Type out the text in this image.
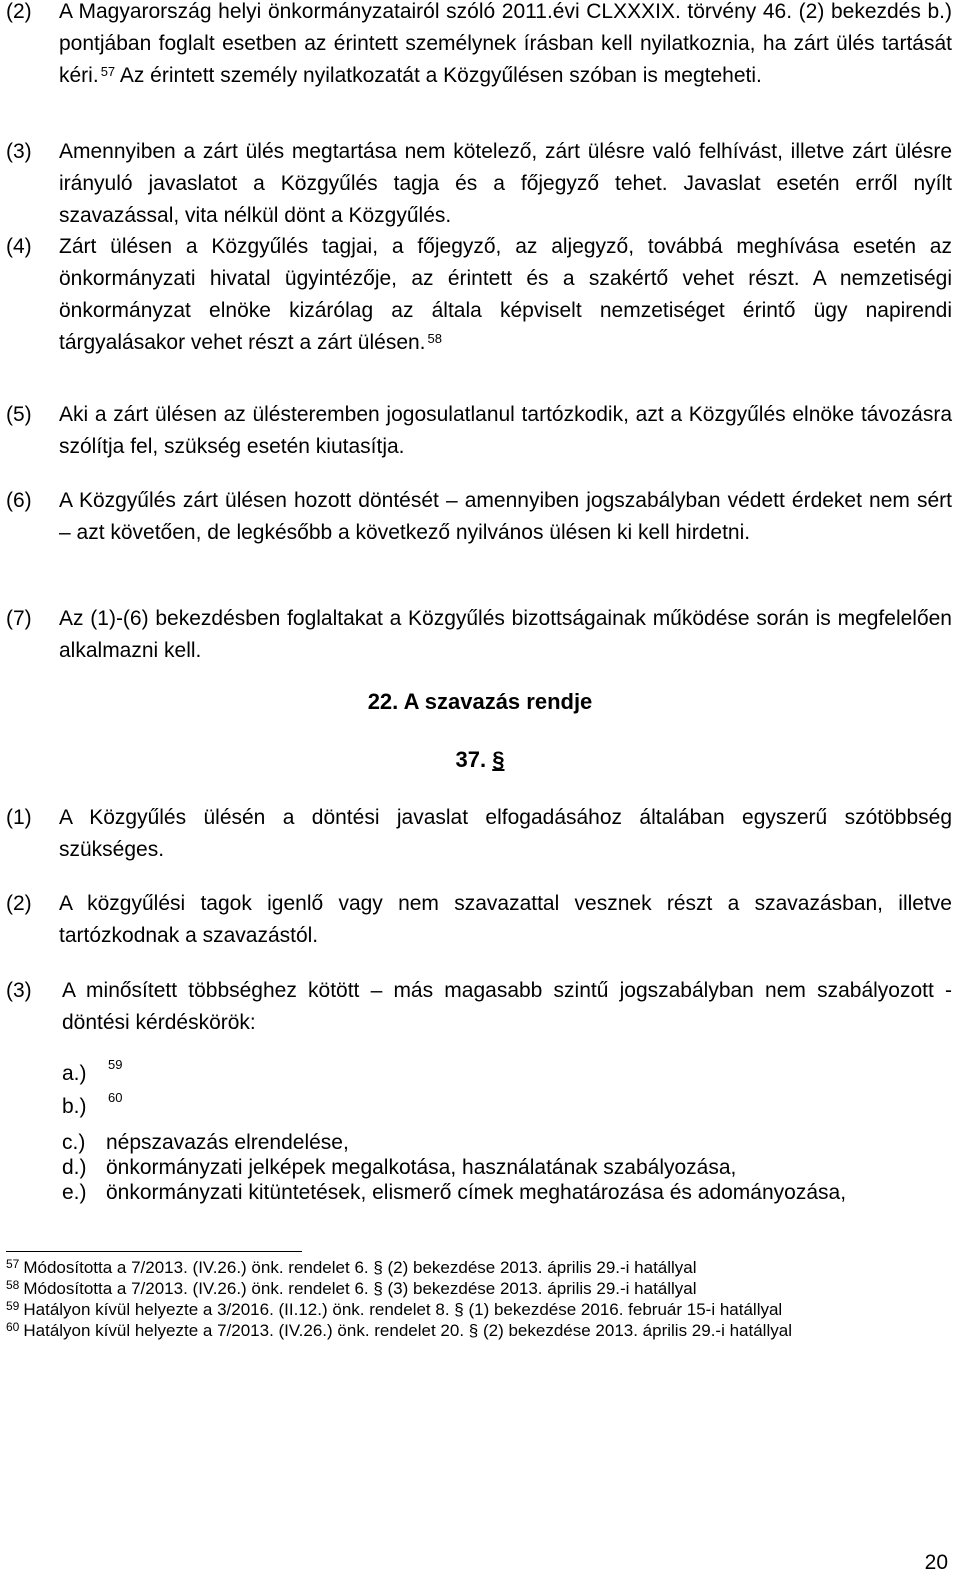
(2) A Magyarország helyi önkormányzatairól szóló 2011.évi CLXXXIX. törvény 46. (2) bekezdés b.) pontjában foglalt esetben az érintett személynek írásban kell nyilatkoznia, ha zárt ülés tartását kéri. $^{57}$ Az érintett személy nyilatkozatát a Közgyűlésen szóban is megteheti.
(3) Amennyiben a zárt ülés megtartása nem kötelező, zárt ülésre való felhívást, illetve zárt ülésre irányuló javaslatot a Közgyűlés tagja és a főjegyző tehet. Javaslat esetén erről nyílt szavazással, vita nélkül dönt a Közgyűlés.
(4) Zárt ülésen a Közgyűlés tagjai, a főjegyző, az aljegyző, továbbá meghívása esetén az önkormányzati hivatal ügyintézője, az érintett és a szakértő vehet részt. A nemzetiségi önkormányzat elnöke kizárólag az általa képviselt nemzetiséget érintő ügy napirendi tárgyalásakor vehet részt a zárt ülésen. $^{58}$
(5) Aki a zárt ülésen az ülésteremben jogosulatlanul tartózkodik, azt a Közgyűlés elnöke távozásra szólítja fel, szükség esetén kiutasítja.
(6) A Közgyűlés zárt ülésen hozott döntését – amennyiben jogszabályban védett érdeket nem sért – azt követően, de legkésőbb a következő nyilvános ülésen ki kell hirdetni.
(7) Az (1)-(6) bekezdésben foglaltakat a Közgyűlés bizottságainak működése során is megfelelően alkalmazni kell.
22. A szavazás rendje
37. §
(1) A Közgyűlés ülésén a döntési javaslat elfogadásához általában egyszerű szótöbbség szükséges.
(2) A közgyűlési tagok igenlő vagy nem szavazattal vesznek részt a szavazásban, illetve tartózkodnak a szavazástól.
(3) A minősített többséghez kötött – más magasabb szintű jogszabályban nem szabályozott - döntési kérdéskörök:
a.) $^{59}$
b.) $^{60}$
c.) népszavazás elrendelése,
d.) önkormányzati jelképek megalkotása, használatának szabályozása,
e.) önkormányzati kitüntetések, elismerő címek meghatározása és adományozása,
$^{57}$ Módosította a 7/2013. (IV.26.) önk. rendelet 6. § (2) bekezdése 2013. április 29.-i hatállyal
$^{58}$ Módosította a 7/2013. (IV.26.) önk. rendelet 6. § (3) bekezdése 2013. április 29.-i hatállyal
$^{59}$ Hatályon kívül helyezte a 3/2016. (II.12.) önk. rendelet 8. § (1) bekezdése 2016. február 15-i hatállyal
$^{60}$ Hatályon kívül helyezte a 7/2013. (IV.26.) önk. rendelet 20. § (2) bekezdése 2013. április 29.-i hatállyal
20
